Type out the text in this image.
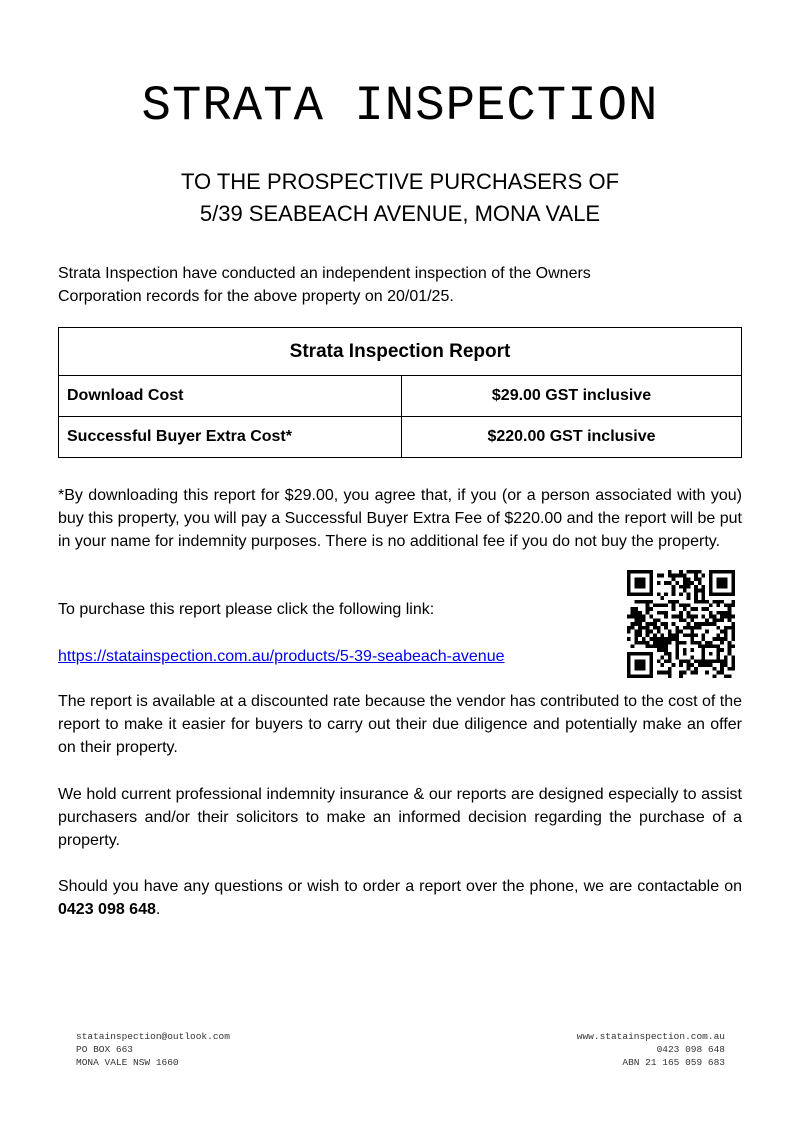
STRATA INSPECTION
TO THE PROSPECTIVE PURCHASERS OF
5/39 SEABEACH AVENUE, MONA VALE

Strata Inspection have conducted an independent inspection of the Owners
Corporation records for the above property on 20/01/25.

Strata Inspection Report	
Download Cost	$29.00 GST inclusive
Successful Buyer Extra Cost*	$220.00 GST inclusive

*By downloading this report for $29.00, you agree that, if you (or a person associated with you) buy this property, you will pay a Successful Buyer Extra Fee of $220.00 and the report will be put in your name for indemnity purposes. There is no additional fee if you do not buy the property.

To purchase this report please click the following link:

https://statainspection.com.au/products/5-39-seabeach-avenue

The report is available at a discounted rate because the vendor has contributed to the cost of the report to make it easier for buyers to carry out their due diligence and potentially make an offer on their property.

We hold current professional indemnity insurance & our reports are designed especially to assist purchasers and/or their solicitors to make an informed decision regarding the purchase of a property.

Should you have any questions or wish to order a report over the phone, we are contactable on 0423 098 648.

statainspection@outlook.com
PO BOX 663
MONA VALE NSW 1660
www.statainspection.com.au
0423 098 648
ABN 21 165 059 683
